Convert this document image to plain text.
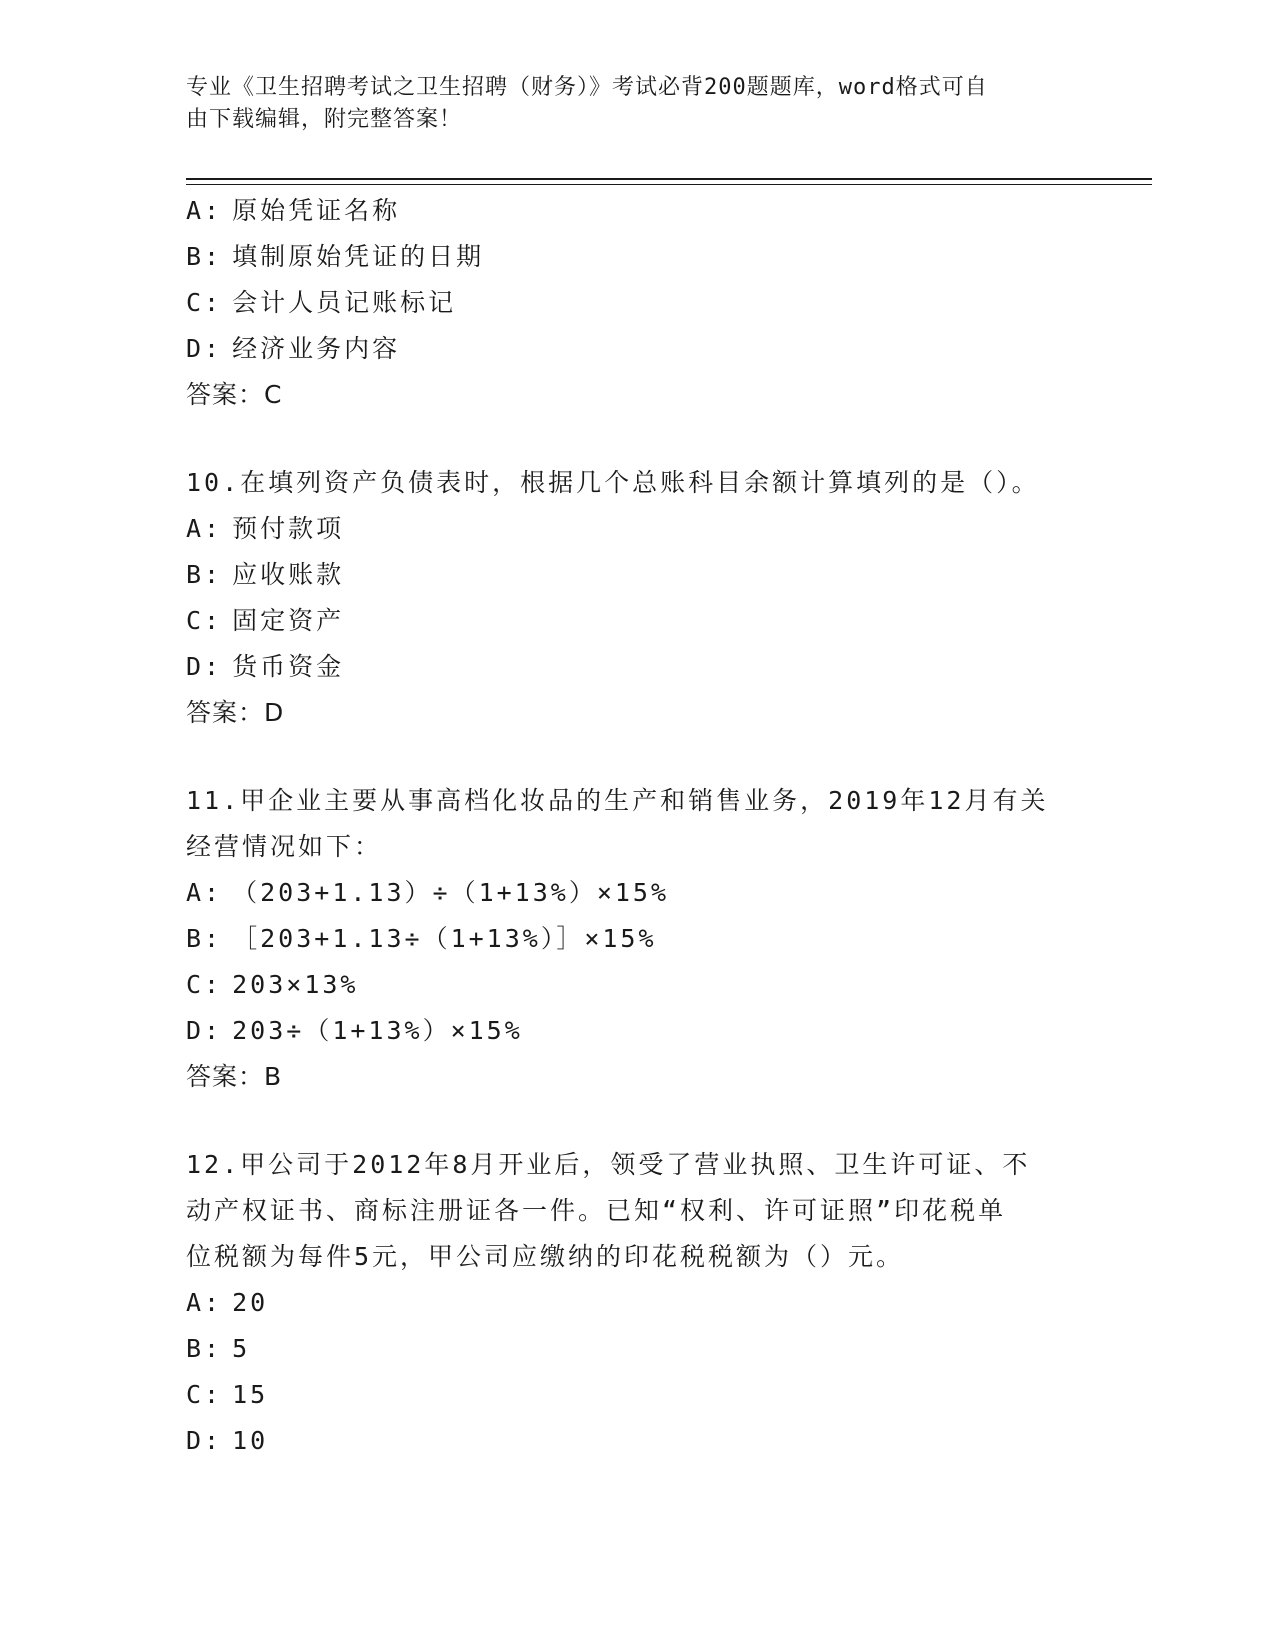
专业《卫生招聘考试之卫生招聘（财务）》考试必背200题题库，word格式可自
由下载编辑，附完整答案！
A: 原始凭证名称
B: 填制原始凭证的日期
C: 会计人员记账标记
D: 经济业务内容
答案：C
10.在填列资产负债表时，根据几个总账科目余额计算填列的是（）。
A: 预付款项
B: 应收账款
C: 固定资产
D: 货币资金
答案：D
11.甲企业主要从事高档化妆品的生产和销售业务，2019年12月有关
经营情况如下：
A: （203+1.13）÷（1+13%）×15%
B: ［203+1.13÷（1+13%）］×15%
C: 203×13%
D: 203÷（1+13%）×15%
答案：B
12.甲公司于2012年8月开业后，领受了营业执照、卫生许可证、不
动产权证书、商标注册证各一件。已知“权利、许可证照”印花税单
位税额为每件5元，甲公司应缴纳的印花税税额为（）元。
A: 20
B: 5
C: 15
D: 10
